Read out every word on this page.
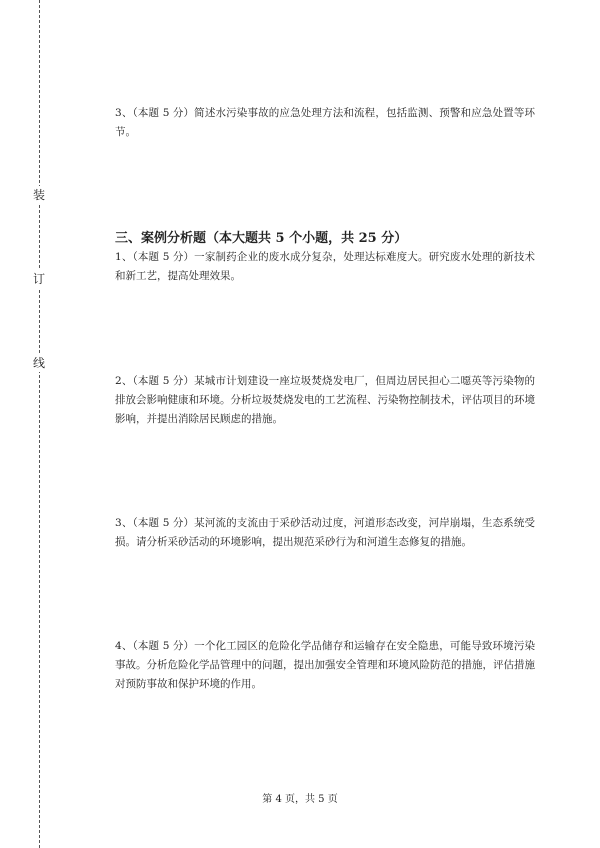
装
订
线

3、（本题 5 分）简述水污染事故的应急处理方法和流程，包括监测、预警和应急处置等环节。

三、案例分析题（本大题共 5 个小题，共 25 分）

1、（本题 5 分）一家制药企业的废水成分复杂，处理达标难度大。研究废水处理的新技术和新工艺，提高处理效果。

2、（本题 5 分）某城市计划建设一座垃圾焚烧发电厂，但周边居民担心二噁英等污染物的排放会影响健康和环境。分析垃圾焚烧发电的工艺流程、污染物控制技术，评估项目的环境影响，并提出消除居民顾虑的措施。

3、（本题 5 分）某河流的支流由于采砂活动过度，河道形态改变，河岸崩塌，生态系统受损。请分析采砂活动的环境影响，提出规范采砂行为和河道生态修复的措施。

4、（本题 5 分）一个化工园区的危险化学品储存和运输存在安全隐患，可能导致环境污染事故。分析危险化学品管理中的问题，提出加强安全管理和环境风险防范的措施，评估措施对预防事故和保护环境的作用。

第 4 页，共 5 页
